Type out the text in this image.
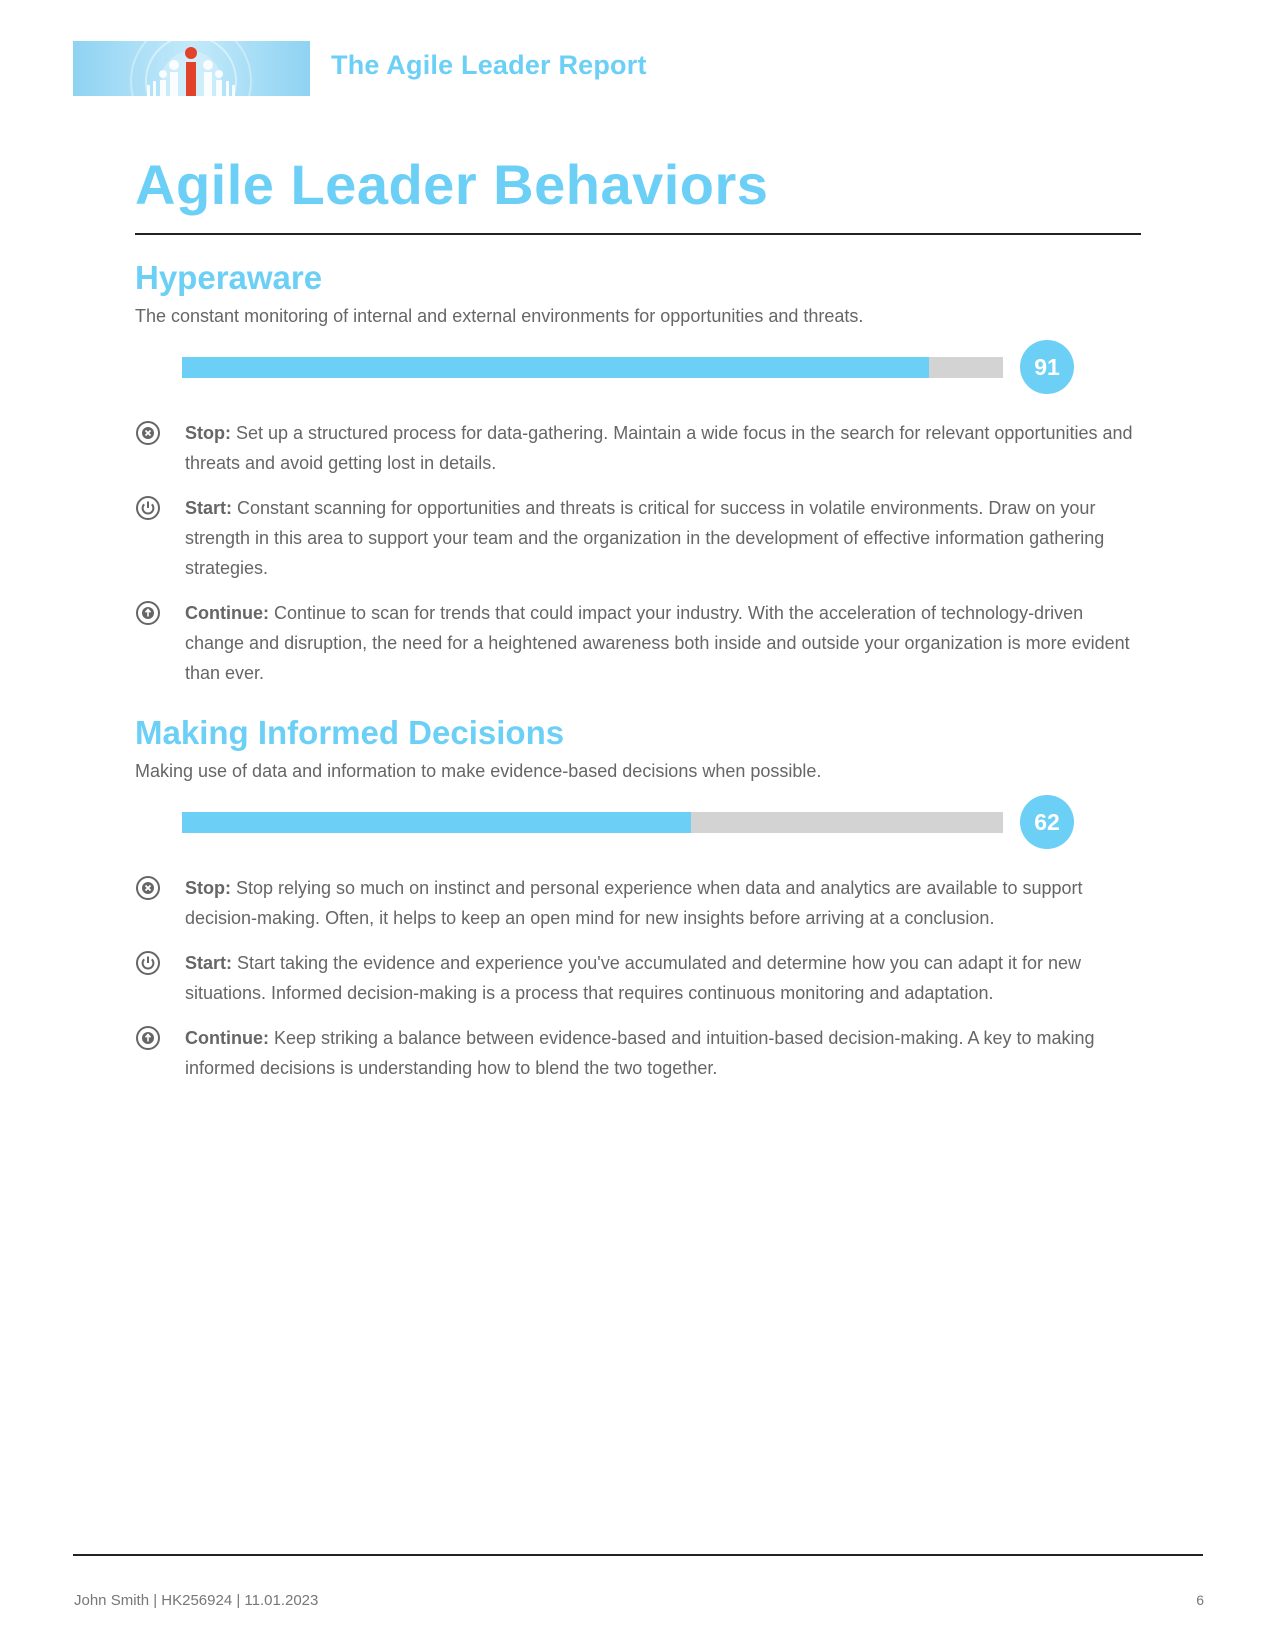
The Agile Leader Report
Agile Leader Behaviors
Hyperaware
The constant monitoring of internal and external environments for opportunities and threats.
91
Stop: Set up a structured process for data-gathering. Maintain a wide focus in the search for relevant opportunities and threats and avoid getting lost in details.
Start: Constant scanning for opportunities and threats is critical for success in volatile environments. Draw on your strength in this area to support your team and the organization in the development of effective information gathering strategies.
Continue: Continue to scan for trends that could impact your industry. With the acceleration of technology-driven change and disruption, the need for a heightened awareness both inside and outside your organization is more evident than ever.
Making Informed Decisions
Making use of data and information to make evidence-based decisions when possible.
62
Stop: Stop relying so much on instinct and personal experience when data and analytics are available to support decision-making. Often, it helps to keep an open mind for new insights before arriving at a conclusion.
Start: Start taking the evidence and experience you've accumulated and determine how you can adapt it for new situations. Informed decision-making is a process that requires continuous monitoring and adaptation.
Continue: Keep striking a balance between evidence-based and intuition-based decision-making. A key to making informed decisions is understanding how to blend the two together.
John Smith | HK256924 | 11.01.2023	6
